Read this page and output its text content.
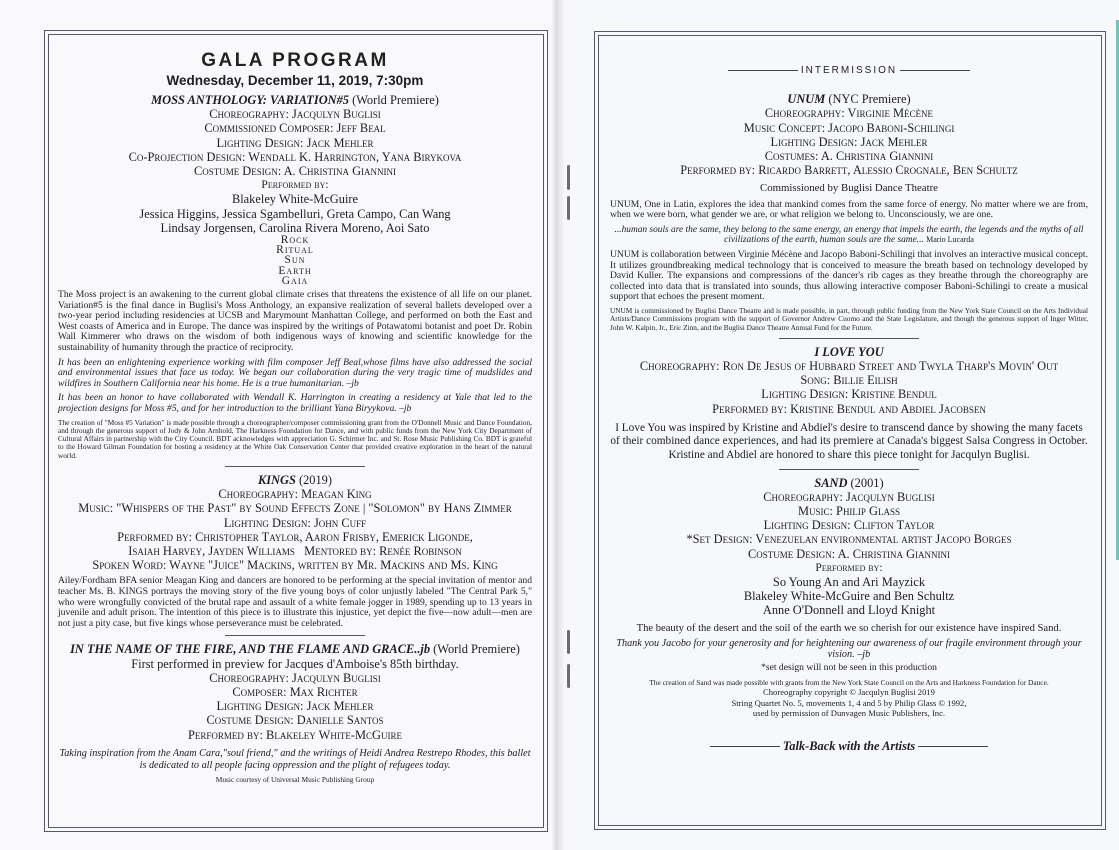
GALA PROGRAM

Wednesday, December 11, 2019, 7:30pm

MOSS ANTHOLOGY: VARIATION#5 (World Premiere)

Choreography: Jacqulyn Buglisi

Commissioned Composer: Jeff Beal

Lighting Design: Jack Mehler

Co-Projection Design: Wendall K. Harrington, Yana Birykova

Costume Design: A. Christina Giannini

Performed by:

Blakeley White-McGuire

Jessica Higgins, Jessica Sgambelluri, Greta Campo, Can Wang

Lindsay Jorgensen, Carolina Rivera Moreno, Aoi Sato

Rock

Ritual

Sun

Earth

Gaia

The Moss project is an awakening to the current global climate crises that threatens the existence of all life on our planet. Variation#5 is the final dance in Buglisi's Moss Anthology, an expansive realization of several ballets developed over a two-year period including residencies at UCSB and Marymount Manhattan College, and performed on both the East and West coasts of America and in Europe. The dance was inspired by the writings of Potawatomi botanist and poet Dr. Robin Wall Kimmerer who draws on the wisdom of both indigenous ways of knowing and scientific knowledge for the sustainability of humanity through the practice of reciprocity.

It has been an enlightening experience working with film composer Jeff Beal,whose films have also addressed the social and environmental issues that face us today. We began our collaboration during the very tragic time of mudslides and wildfires in Southern California near his home. He is a true humanitarian. –jb

It has been an honor to have collaborated with Wendall K. Harrington in creating a residency at Yale that led to the projection designs for Moss #5, and for her introduction to the brilliant Yana Biryykova. –jb

The creation of "Moss #5 Variation" is made possible through a choreographer/composer commissioning grant from the O'Donnell Music and Dance Foundation, and through the generous support of Jody & John Arnhold, The Harkness Foundation for Dance, and with public funds from the New York City Department of Cultural Affairs in partnership with the City Council. BDT acknowledges with appreciation G. Schirmer Inc. and St. Rose Music Publishing Co. BDT is grateful to the Howard Gilman Foundation for hosting a residency at the White Oak Conservation Center that provided creative exploration in the heart of the natural world.

KINGS (2019)

Choreography: Meagan King

Music: "Whispers of the Past" by Sound Effects Zone | "Solomon" by Hans Zimmer

Lighting Design: John Cuff

Performed by: Christopher Taylor, Aaron Frisby, Emerick Ligonde,

Isaiah Harvey, Jayden Williams   Mentored by: Renée Robinson

Spoken Word: Wayne "Juice" Mackins, written by Mr. Mackins and Ms. King

Ailey/Fordham BFA senior Meagan King and dancers are honored to be performing at the special invitation of mentor and teacher Ms. B. KINGS portrays the moving story of the five young boys of color unjustly labeled "The Central Park 5," who were wrongfully convicted of the brutal rape and assault of a white female jogger in 1989, spending up to 13 years in juvenile and adult prison. The intention of this piece is to illustrate this injustice, yet depict the five—now adult—men are not just a pity case, but five kings whose perseverance must be celebrated.

IN THE NAME OF THE FIRE, AND THE FLAME AND GRACE..jb (World Premiere)

First performed in preview for Jacques d'Amboise's 85th birthday.

Choreography: Jacqulyn Buglisi

Composer: Max Richter

Lighting Design: Jack Mehler

Costume Design: Danielle Santos

Performed by: Blakeley White-McGuire

Taking inspiration from the Anam Cara,"soul friend," and the writings of Heidi Andrea Restrepo Rhodes, this ballet is dedicated to all people facing oppression and the plight of refugees today.

Music courtesy of Universal Music Publishing Group

INTERMISSION

UNUM (NYC Premiere)

Choreography: Virginie Mécène

Music Concept: Jacopo Baboni-Schilingi

Lighting Design: Jack Mehler

Costumes: A. Christina Giannini

Performed by: Ricardo Barrett, Alessio Crognale, Ben Schultz

Commissioned by Buglisi Dance Theatre

UNUM, One in Latin, explores the idea that mankind comes from the same force of energy. No matter where we are from, when we were born, what gender we are, or what religion we belong to. Unconsciously, we are one.

...human souls are the same, they belong to the same energy, an energy that impels the earth, the legends and the myths of all civilizations of the earth, human souls are the same... Mario Lucarda

UNUM is collaboration between Virginie Mécène and Jacopo Baboni-Schilingi that involves an interactive musical concept. It utilizes groundbreaking medical technology that is conceived to measure the breath based on technology developed by David Kuller. The expansions and compressions of the dancer's rib cages as they breathe through the choreography are collected into data that is translated into sounds, thus allowing interactive composer Baboni-Schilingi to create a musical support that echoes the present moment.

UNUM is commissioned by Buglisi Dance Theatre and is made possible, in part, through public funding from the New York State Council on the Arts Individual Artists/Dance Commissions program with the support of Governor Andrew Cuomo and the State Legislature, and though the generous support of Inger Witter, John W. Kalpin, Jr., Eric Zinn, and the Buglisi Dance Theatre Annual Fund for the Future.

I LOVE YOU

Choreography: Ron De Jesus of Hubbard Street and Twyla Tharp's Movin' Out

Song: Billie Eilish

Lighting Design: Kristine Bendul

Performed by: Kristine Bendul and Abdiel Jacobsen

I Love You was inspired by Kristine and Abdiel's desire to transcend dance by showing the many facets of their combined dance experiences, and had its premiere at Canada's biggest Salsa Congress in October. Kristine and Abdiel are honored to share this piece tonight for Jacqulyn Buglisi.

SAND (2001)

Choreography: Jacqulyn Buglisi

Music: Philip Glass

Lighting Design: Clifton Taylor

*Set Design: Venezuelan environmental artist Jacopo Borges

Costume Design: A. Christina Giannini

Performed by:

So Young An and Ari Mayzick

Blakeley White-McGuire and Ben Schultz

Anne O'Donnell and Lloyd Knight

The beauty of the desert and the soil of the earth we so cherish for our existence have inspired Sand.

Thank you Jacobo for your generosity and for heightening our awareness of our fragile environment through your vision. –jb

*set design will not be seen in this production

The creation of Sand was made possible with grants from the New York State Council on the Arts and Harkness Foundation for Dance.

Choreography copyright © Jacqulyn Buglisi 2019

String Quartet No. 5, movements 1, 4 and 5 by Philip Glass © 1992,

used by permission of Dunvagen Music Publishers, Inc.

Talk-Back with the Artists
